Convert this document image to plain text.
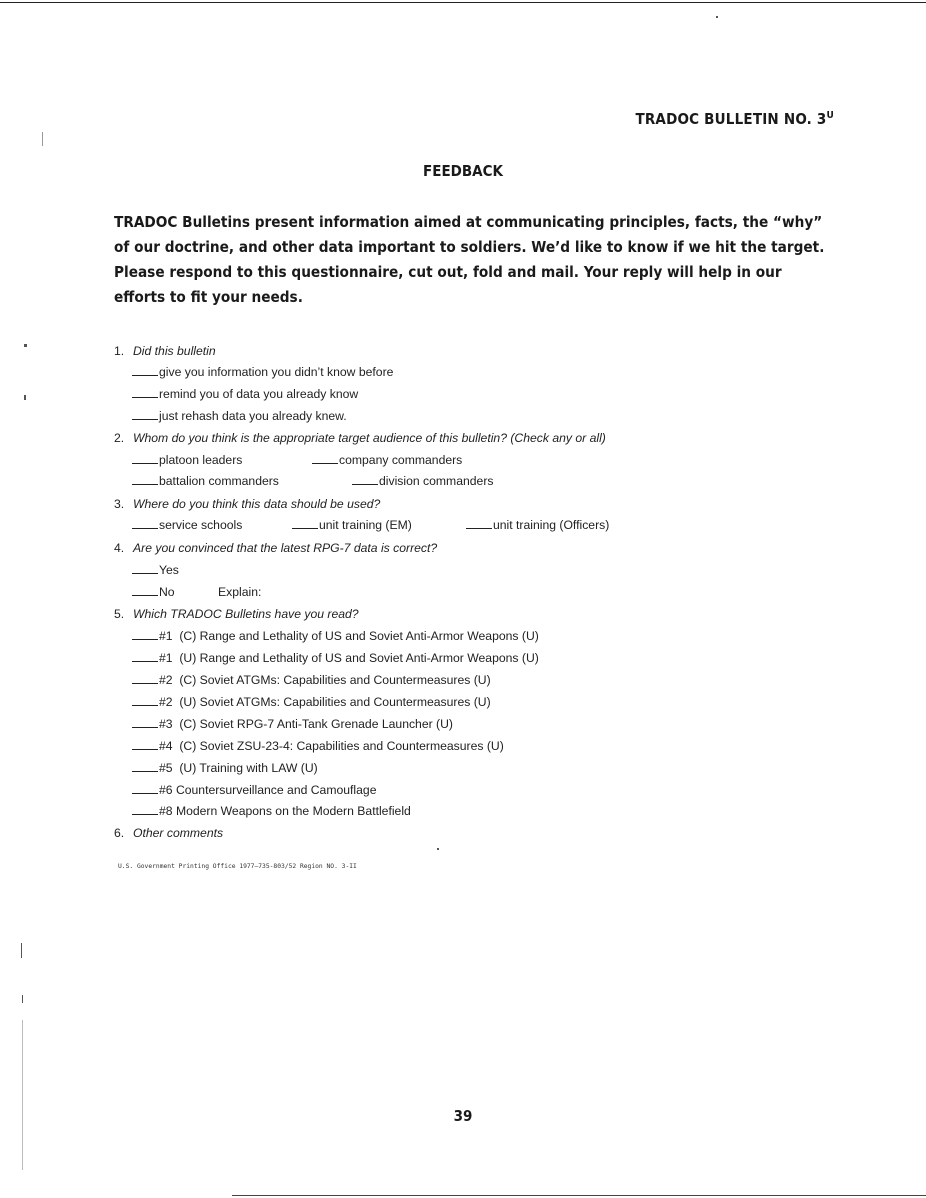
TRADOC BULLETIN NO. $3^U$
FEEDBACK

TRADOC Bulletins present information aimed at communicating principles, facts, the “why” of our doctrine, and other data important to soldiers. We’d like to know if we hit the target. Please respond to this questionnaire, cut out, fold and mail. Your reply will help in our efforts to fit your needs.

1. Did this bulletin
give you information you didn’t know before
remind you of data you already know
just rehash data you already knew.
2. Whom do you think is the appropriate target audience of this bulletin? (Check any or all)
platoon leaders	company commanders
battalion commanders	division commanders
3. Where do you think this data should be used?
service schools	unit training (EM)	unit training (Officers)
4. Are you convinced that the latest RPG-7 data is correct?
Yes
No	Explain:
5. Which TRADOC Bulletins have you read?
#1  (C) Range and Lethality of US and Soviet Anti-Armor Weapons (U)
#1  (U) Range and Lethality of US and Soviet Anti-Armor Weapons (U)
#2  (C) Soviet ATGMs: Capabilities and Countermeasures (U)
#2  (U) Soviet ATGMs: Capabilities and Countermeasures (U)
#3  (C) Soviet RPG-7 Anti-Tank Grenade Launcher (U)
#4  (C) Soviet ZSU-23-4: Capabilities and Countermeasures (U)
#5  (U) Training with LAW (U)
#6 Countersurveillance and Camouflage
#8 Modern Weapons on the Modern Battlefield
6. Other comments
U.S. Government Printing Office 1977—735-803/52 Region NO. 3-II
39
